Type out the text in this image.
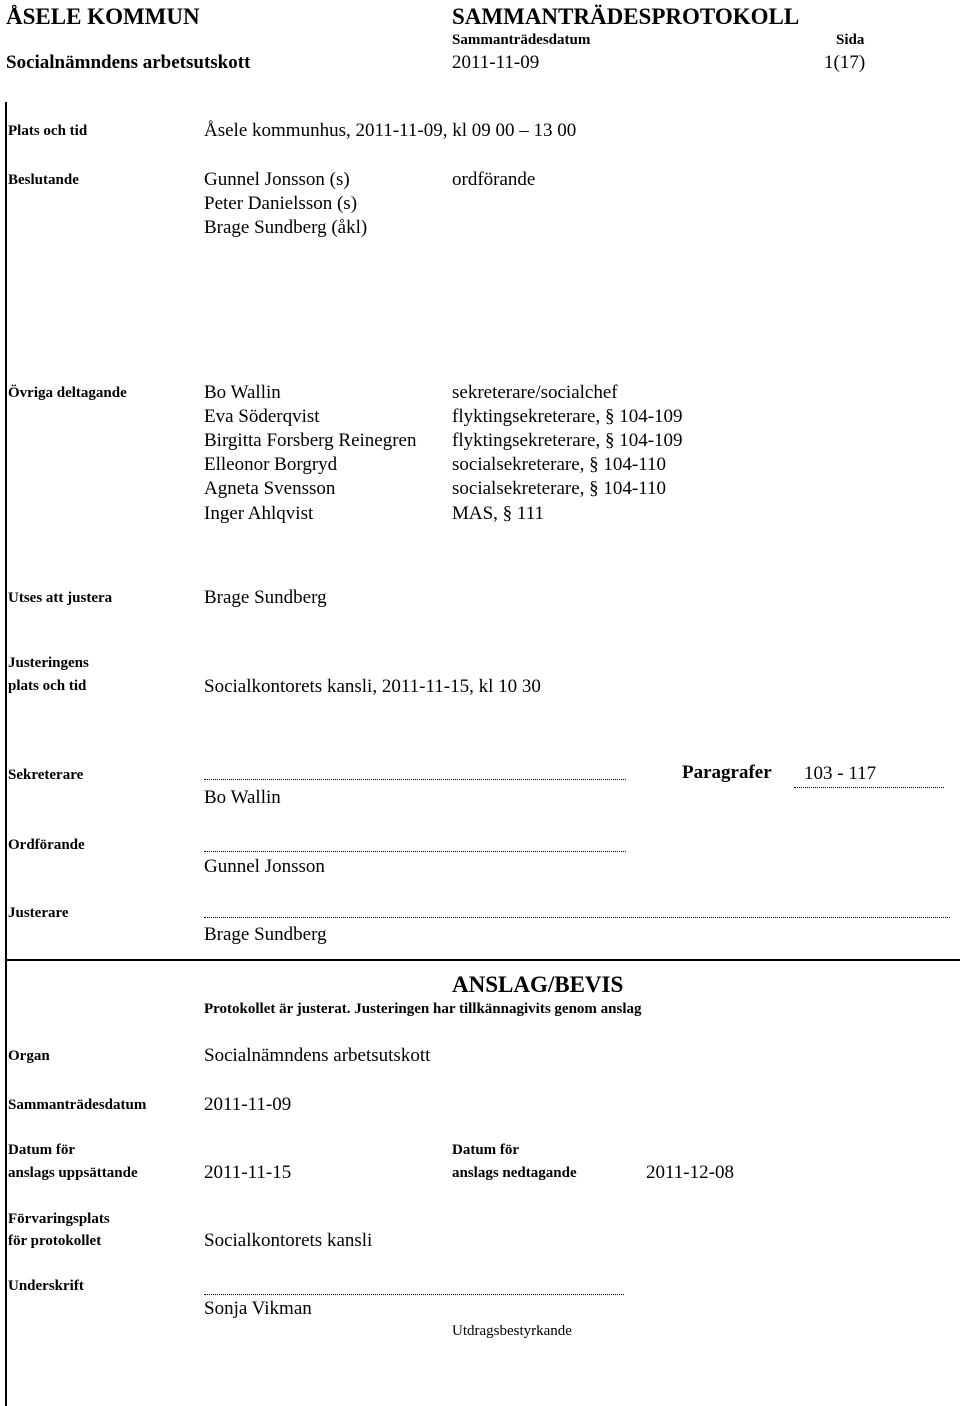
ÅSELE KOMMUN	SAMMANTRÄDESPROTOKOLL
Socialnämndens arbetsutskott
Sammanträdesdatum
2011-11-09
Sida
1(17)
Plats och tid	Åsele kommunhus, 2011-11-09, kl 09 00 – 13 00
Beslutande	Gunnel Jonsson (s)	ordförande
Peter Danielsson (s)
Brage Sundberg (åkl)
Övriga deltagande	Bo Wallin	sekreterare/socialchef
Eva Söderqvist	flyktingsekreterare, § 104-109
Birgitta Forsberg Reinegren flyktingsekreterare, § 104-109
Elleonor Borgryd	socialsekreterare, § 104-110
Agneta Svensson	socialsekreterare, § 104-110
Inger Ahlqvist	MAS, § 111
Utses att justera	Brage Sundberg
Justeringens
plats och tid	Socialkontorets kansli, 2011-11-15, kl 10 30
Sekreterare
Bo Wallin
Paragrafer 103 - 117
Ordförande
Gunnel Jonsson
Justerare
Brage Sundberg
ANSLAG/BEVIS
Protokollet är justerat. Justeringen har tillkännagivits genom anslag
Organ	Socialnämndens arbetsutskott
Sammanträdesdatum	2011-11-09
Datum för
anslags uppsättande	2011-11-15
Datum för
anslags nedtagande	2011-12-08
Förvaringsplats
för protokollet	Socialkontorets kansli
Underskrift
Sonja Vikman
Utdragsbestyrkande
